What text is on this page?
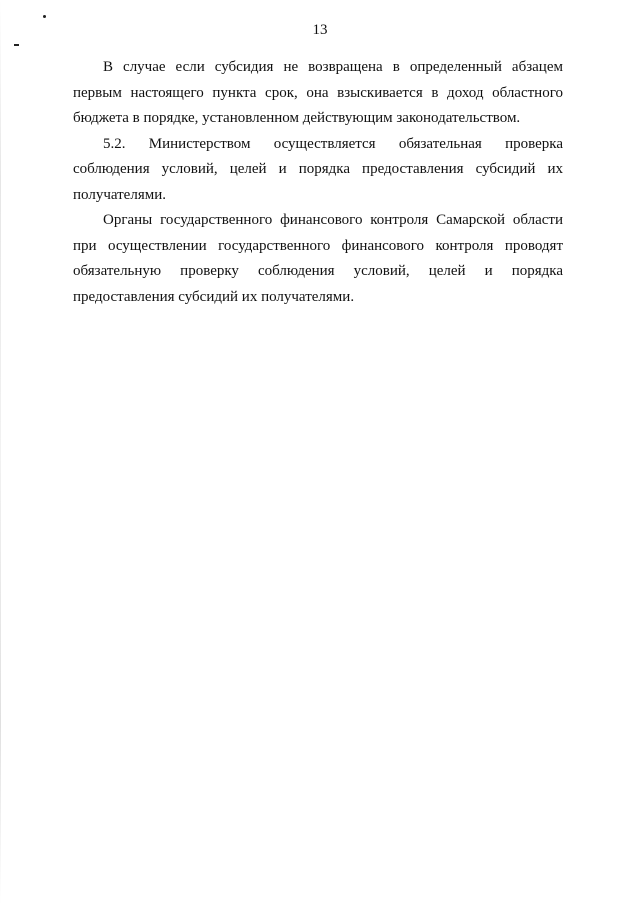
13

В случае если субсидия не возвращена в определенный абзацем первым настоящего пункта срок, она взыскивается в доход областного бюджета в порядке, установленном действующим законодательством.

5.2. Министерством осуществляется обязательная проверка соблюдения условий, целей и порядка предоставления субсидий их получателями.

Органы государственного финансового контроля Самарской области при осуществлении государственного финансового контроля проводят обязательную проверку соблюдения условий, целей и порядка предоставления субсидий их получателями.
